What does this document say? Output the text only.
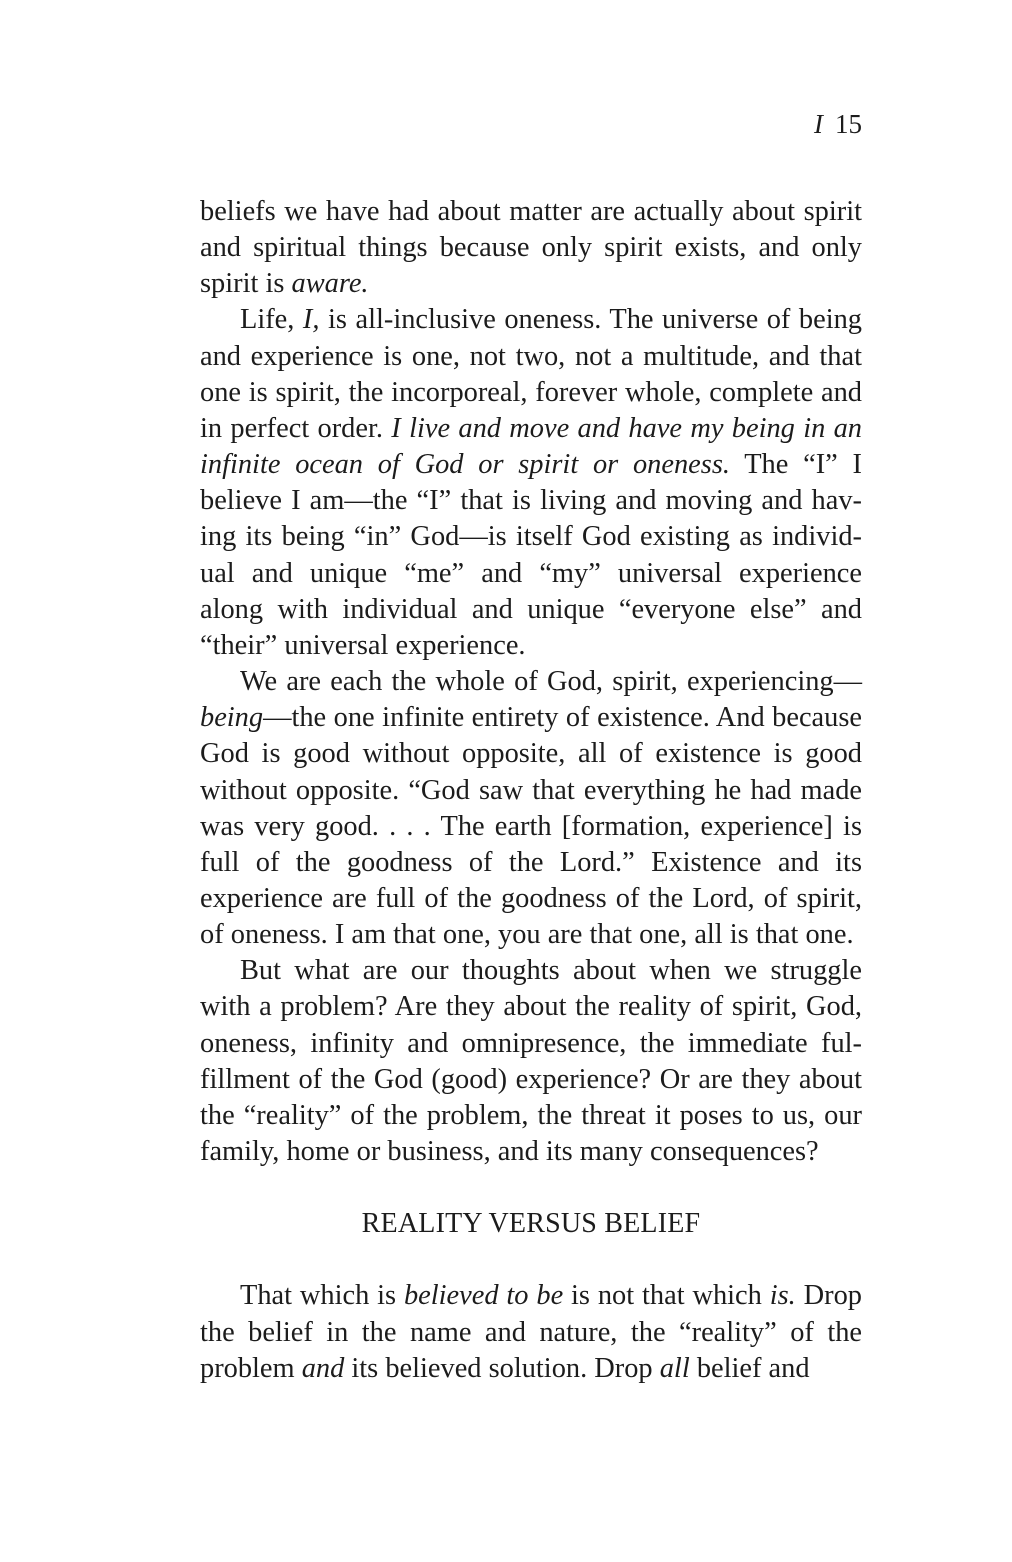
I 15

beliefs we have had about matter are actually about spirit and spiritual things because only spirit exists, and only spirit is aware.

Life, I, is all-inclusive oneness. The universe of being and experience is one, not two, not a multitude, and that one is spirit, the incorporeal, forever whole, complete and in perfect order. I live and move and have my being in an infinite ocean of God or spirit or oneness. The “I” I believe I am—the “I” that is living and moving and having its being “in” God—is itself God existing as individual and unique “me” and “my” universal experience along with individual and unique “everyone else” and “their” universal experience.

We are each the whole of God, spirit, experiencing—being—the one infinite entirety of existence. And because God is good without opposite, all of existence is good without opposite. “God saw that everything he had made was very good. . . . The earth [formation, experience] is full of the goodness of the Lord.” Existence and its experience are full of the goodness of the Lord, of spirit, of oneness. I am that one, you are that one, all is that one.

But what are our thoughts about when we struggle with a problem? Are they about the reality of spirit, God, oneness, infinity and omnipresence, the immediate fulfillment of the God (good) experience? Or are they about the “reality” of the problem, the threat it poses to us, our family, home or business, and its many consequences?

REALITY VERSUS BELIEF

That which is believed to be is not that which is. Drop the belief in the name and nature, the “reality” of the problem and its believed solution. Drop all belief and
